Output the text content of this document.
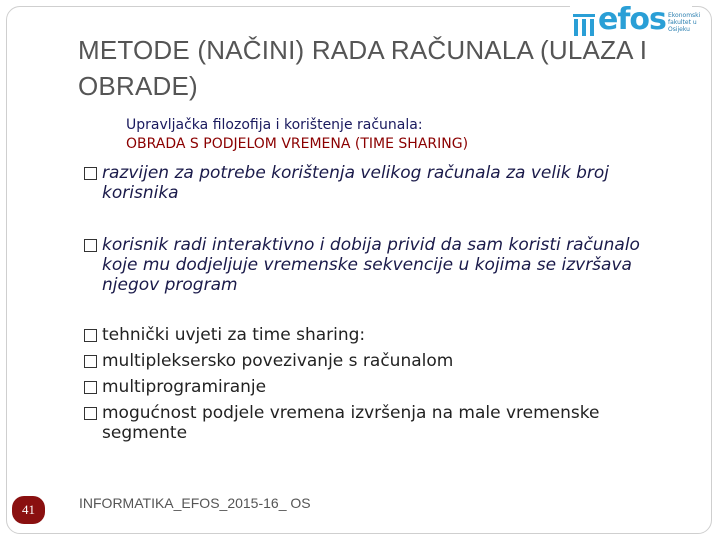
efos Ekonomski fakultet u Osijeku
METODE (NAČINI) RADA RAČUNALA (ULAZA I OBRADE)
Upravljačka filozofija i korištenje računala:
OBRADA S PODJELOM VREMENA (TIME SHARING)
razvijen za potrebe korištenja velikog računala za velik broj korisnika
korisnik radi interaktivno i dobija privid da sam koristi računalo koje mu dodjeljuje vremenske sekvencije u kojima se izvršava njegov program
tehnički uvjeti za time sharing:
multipleksersko povezivanje s računalom
multiprogramiranje
mogućnost podjele vremena izvršenja na male vremenske segmente
41	INFORMATIKA_EFOS_2015-16_ OS
